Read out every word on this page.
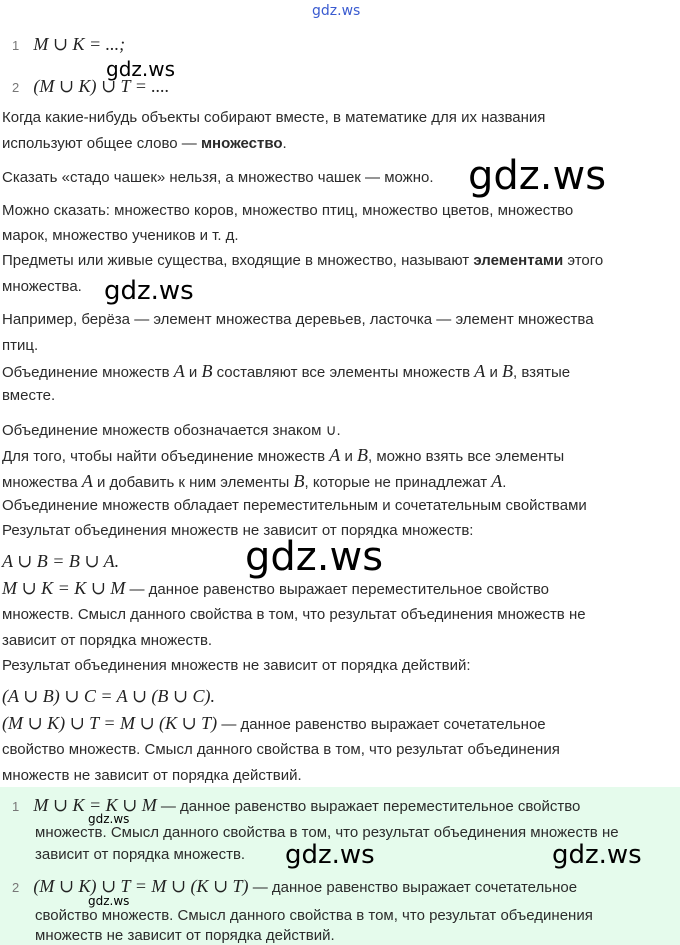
gdz.ws
1 M ∪ K = ...;
gdz.ws
2 (M ∪ K) ∪ T = ....
Когда какие-нибудь объекты собирают вместе, в математике для их названия
используют общее слово — множество.
Сказать «стадо чашек» нельзя, а множество чашек — можно. gdz.ws
Можно сказать: множество коров, множество птиц, множество цветов, множество
марок, множество учеников и т. д.
Предметы или живые существа, входящие в множество, называют элементами этого
множества. gdz.ws
Например, берёза — элемент множества деревьев, ласточка — элемент множества
птиц.
Объединение множеств A и B составляют все элементы множеств A и B, взятые
вместе.
Объединение множеств обозначается знаком ∪.
Для того, чтобы найти объединение множеств A и B, можно взять все элементы
множества A и добавить к ним элементы B, которые не принадлежат A.
Объединение множеств обладает переместительным и сочетательным свойствами
Результат объединения множеств не зависит от порядка множеств:
A ∪ B = B ∪ A.	gdz.ws
M ∪ K = K ∪ M — данное равенство выражает переместительное свойство
множеств. Смысл данного свойства в том, что результат объединения множеств не
зависит от порядка множеств.
Результат объединения множеств не зависит от порядка действий:
(A ∪ B) ∪ C = A ∪ (B ∪ C).
(M ∪ K) ∪ T = M ∪ (K ∪ T) — данное равенство выражает сочетательное
свойство множеств. Смысл данного свойства в том, что результат объединения
множеств не зависит от порядка действий.
1 M ∪ K = K ∪ M — данное равенство выражает переместительное свойство
gdz.ws
множеств. Смысл данного свойства в том, что результат объединения множеств не
зависит от порядка множеств. gdz.ws	gdz.ws
2 (M ∪ K) ∪ T = M ∪ (K ∪ T) — данное равенство выражает сочетательное
gdz.ws
свойство множеств. Смысл данного свойства в том, что результат объединения
множеств не зависит от порядка действий.
